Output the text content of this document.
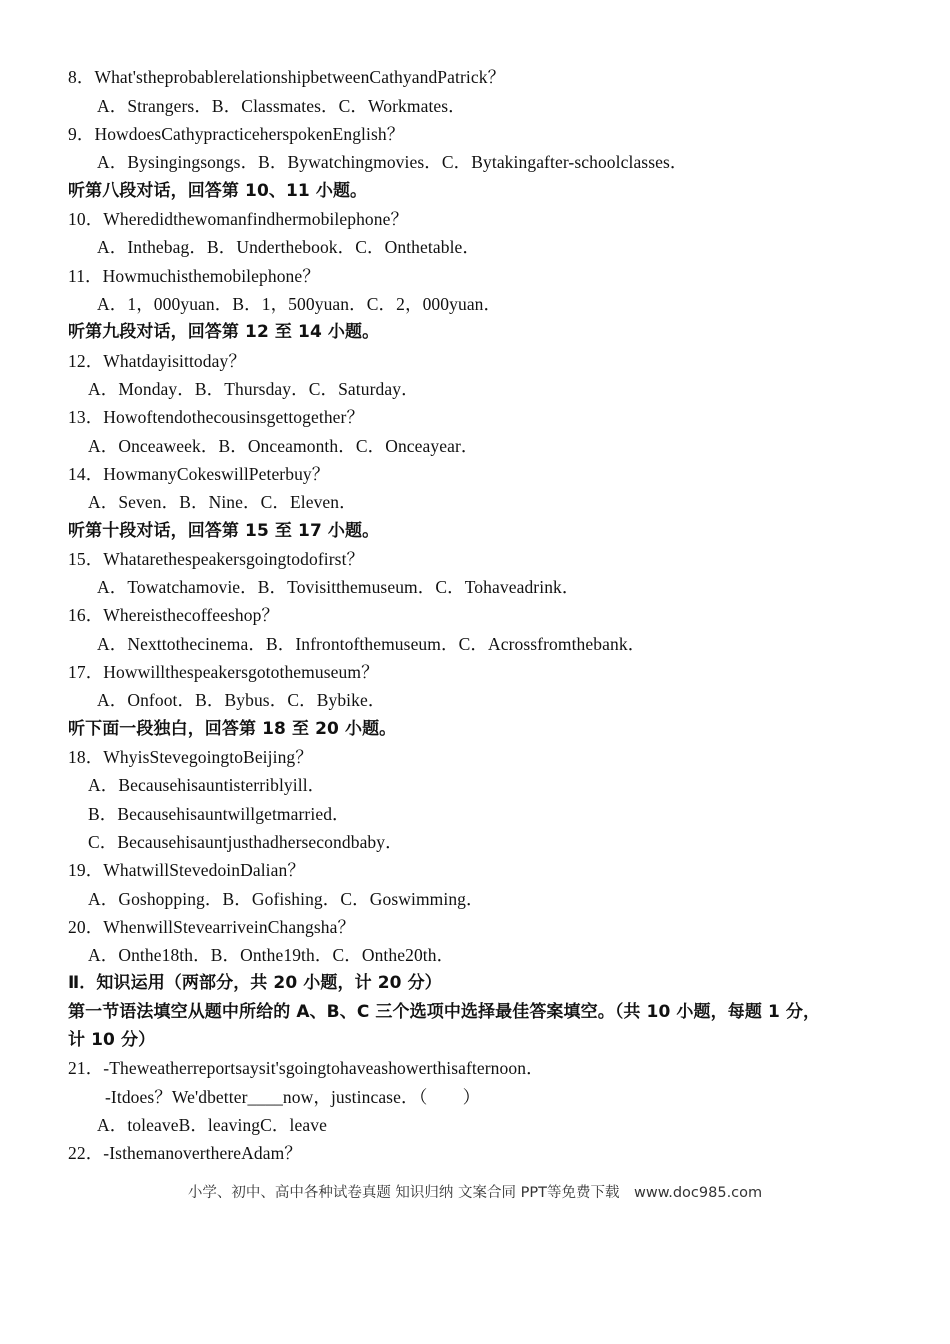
8．What'stheprobablerelationshipbetweenCathyandPatrick？
A．Strangers．B．Classmates．C．Workmates．
9．HowdoesCathypracticeherspokenEnglish？
A．Bysingingsongs．B．Bywatchingmovies．C．Bytakingafter-schoolclasses．
听第八段对话，回答第 10、11 小题。
10．Wheredidthewomanfindhermobilephone？
A．Inthebag．B．Underthebook．C．Onthetable．
11．Howmuchisthemobilephone？
A．1，000yuan．B．1，500yuan．C．2，000yuan．
听第九段对话，回答第 12 至 14 小题。
12．Whatdayisittoday？
A．Monday．B．Thursday．C．Saturday．
13．Howoftendothecousinsgettogether？
A．Onceaweek．B．Onceamonth．C．Onceayear．
14．HowmanyCokeswillPeterbuy？
A．Seven．B．Nine．C．Eleven．
听第十段对话，回答第 15 至 17 小题。
15．Whatarethespeakersgoingtodofirst？
A．Towatchamovie．B．Tovisitthemuseum．C．Tohaveadrink．
16．Whereisthecoffeeshop？
A．Nexttothecinema．B．Infrontofthemuseum．C．Acrossfromthebank．
17．Howwillthespeakersgotothemuseum？
A．Onfoot．B．Bybus．C．Bybike．
听下面一段独白，回答第 18 至 20 小题。
18．WhyisStevegoingtoBeijing？
A．Becausehisauntisterriblyill．
B．Becausehisauntwillgetmarried．
C．Becausehisauntjusthadhersecondbaby．
19．WhatwillStevedoinDalian？
A．Goshopping．B．Gofishing．C．Goswimming．
20．WhenwillStevearriveinChangsha？
A．Onthe18th．B．Onthe19th．C．Onthe20th．
Ⅱ．知识运用（两部分，共 20 小题，计 20 分）
第一节语法填空从题中所给的 A、B、C 三个选项中选择最佳答案填空。（共 10 小题，每题 1 分，
计 10 分）
21．-Theweatherreportsaysit'sgoingtohaveashowerthisafternoon．
-Itdoes？We'dbetter____now，justincase．（　　）
A．toleaveB．leavingC．leave
22．-IsthemanoverthereAdam？
小学、初中、高中各种试卷真题 知识归纳 文案合同 PPT等免费下载　www.doc985.com
